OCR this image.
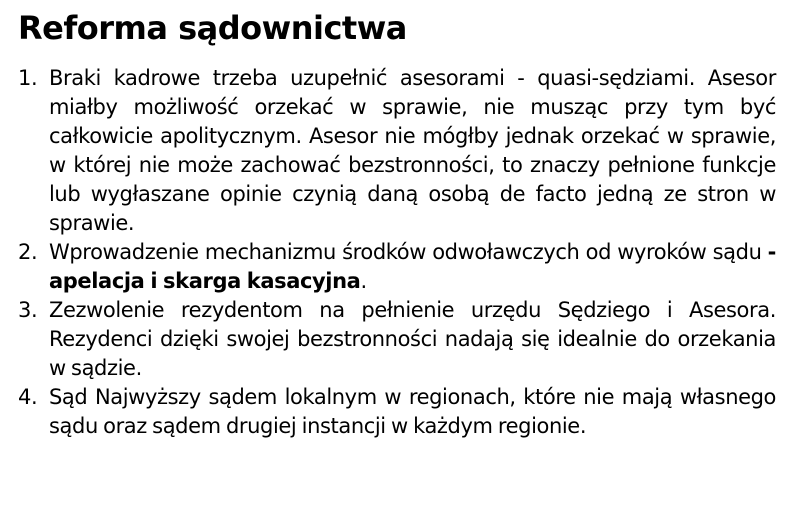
Reforma sądownictwa
1. Braki kadrowe trzeba uzupełnić asesorami - quasi-sędziami. Asesor miałby możliwość orzekać w sprawie, nie musząc przy tym być całkowicie apolitycznym. Asesor nie mógłby jednak orzekać w sprawie, w której nie może zachować bezstronności, to znaczy pełnione funkcje lub wygłaszane opinie czynią daną osobą de facto jedną ze stron w sprawie.
2. Wprowadzenie mechanizmu środków odwoławczych od wyroków sądu - apelacja i skarga kasacyjna.
3. Zezwolenie rezydentom na pełnienie urzędu Sędziego i Asesora. Rezydenci dzięki swojej bezstronności nadają się idealnie do orzekania w sądzie.
4. Sąd Najwyższy sądem lokalnym w regionach, które nie mają własnego sądu oraz sądem drugiej instancji w każdym regionie.
